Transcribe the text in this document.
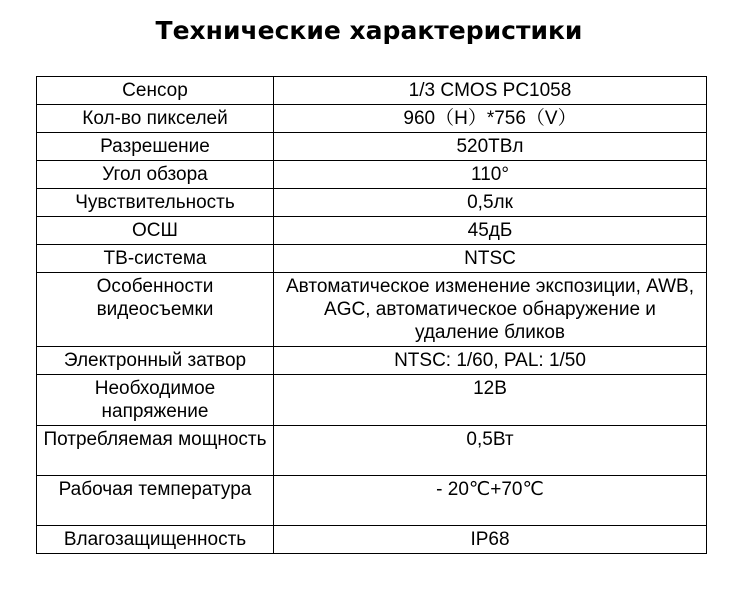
Технические характеристики
Сенсор	1/3 CMOS PC1058
Кол-во пикселей	960（H）*756（V）
Разрешение	520ТВл
Угол обзора	110°
Чувствительность	0,5лк
ОСШ	45дБ
ТВ-система	NTSC
Особенности видеосъемки	Автоматическое изменение экспозиции, AWB, AGC, автоматическое обнаружение и удаление бликов
Электронный затвор	NTSC: 1/60, PAL: 1/50
Необходимое напряжение	12В
Потребляемая мощность	0,5Вт
Рабочая температура	- 20℃+70℃
Влагозащищенность	IP68
